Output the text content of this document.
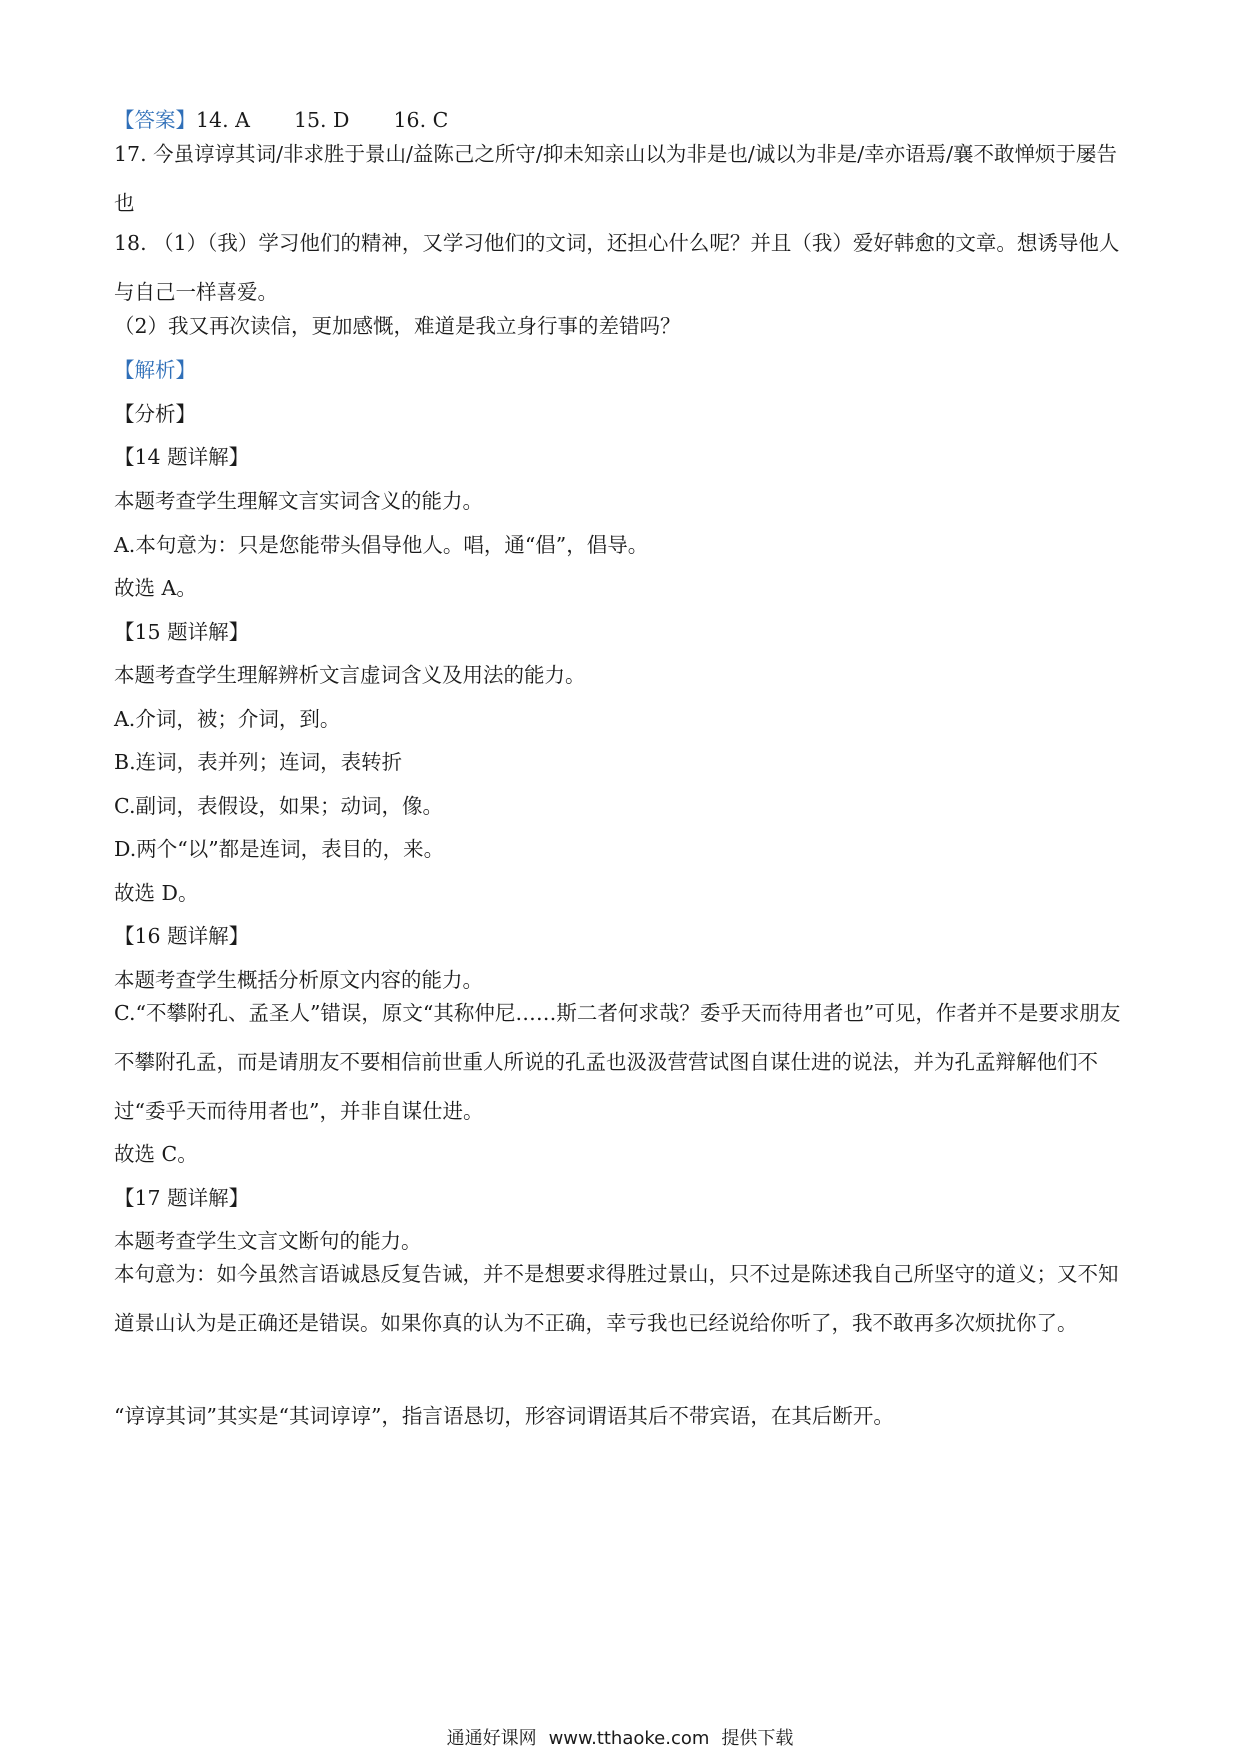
【答案】14. A 15. D 16. C
17. 今虽谆谆其词/非求胜于景山/益陈己之所守/抑未知亲山以为非是也/诚以为非是/幸亦语焉/襄不敢惮烦于屡告也
18. （1）（我）学习他们的精神，又学习他们的文词，还担心什么呢？并且（我）爱好韩愈的文章。想诱导他人与自己一样喜爱。
（2）我又再次读信，更加感慨，难道是我立身行事的差错吗？
【解析】
【分析】
【14 题详解】
本题考查学生理解文言实词含义的能力。
A.本句意为：只是您能带头倡导他人。唱，通“倡”，倡导。
故选 A。
【15 题详解】
本题考查学生理解辨析文言虚词含义及用法的能力。
A.介词，被；介词，到。
B.连词，表并列；连词，表转折
C.副词，表假设，如果；动词，像。
D.两个“以”都是连词，表目的，来。
故选 D。
【16 题详解】
本题考查学生概括分析原文内容的能力。
C.“不攀附孔、孟圣人”错误，原文“其称仲尼……斯二者何求哉？委乎天而待用者也”可见，作者并不是要求朋友不攀附孔孟，而是请朋友不要相信前世重人所说的孔孟也汲汲营营试图自谋仕进的说法，并为孔孟辩解他们不过“委乎天而待用者也”，并非自谋仕进。
故选 C。
【17 题详解】
本题考查学生文言文断句的能力。
本句意为：如今虽然言语诚恳反复告诫，并不是想要求得胜过景山，只不过是陈述我自己所坚守的道义；又不知道景山认为是正确还是错误。如果你真的认为不正确，幸亏我也已经说给你听了，我不敢再多次烦扰你了。
“谆谆其词”其实是“其词谆谆”，指言语恳切，形容词谓语其后不带宾语，在其后断开。
通通好课网 www.tthaoke.com 提供下载
